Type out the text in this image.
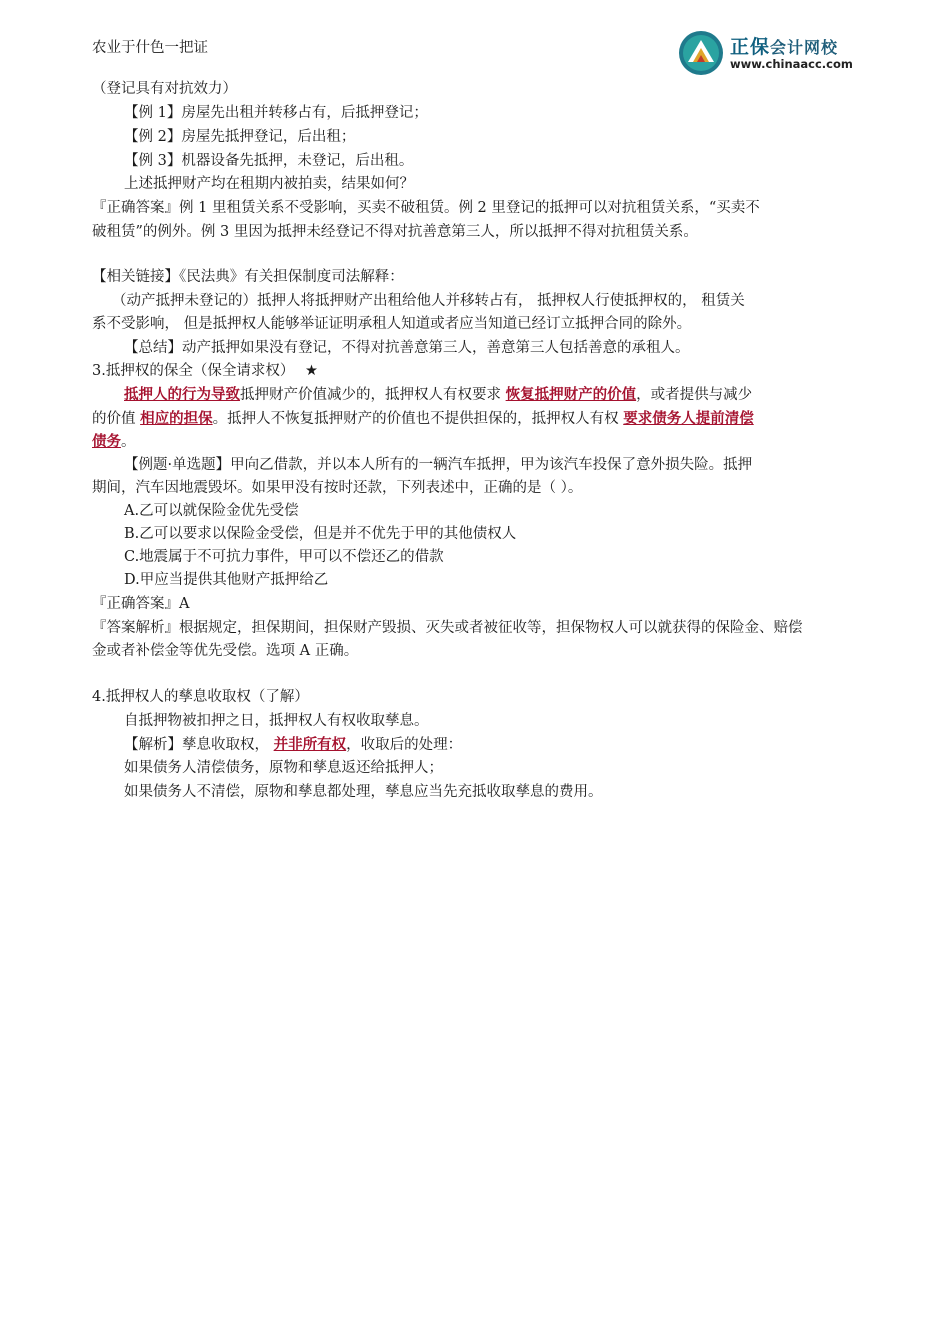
农业于什色一把证	正保会计网校
www.chinaacc.com
（登记具有对抗效力）
【例 1】房屋先出租并转移占有，后抵押登记；
【例 2】房屋先抵押登记，后出租；
【例 3】机器设备先抵押，未登记，后出租。
上述抵押财产均在租期内被拍卖，结果如何？
『正确答案』例 1 里租赁关系不受影响，买卖不破租赁。例 2 里登记的抵押可以对抗租赁关系，“买卖不
破租赁”的例外。例 3 里因为抵押未经登记不得对抗善意第三人，所以抵押不得对抗租赁关系。
【相关链接】《民法典》有关担保制度司法解释：
（动产抵押未登记的）抵押人将抵押财产出租给他人并移转占有， 抵押权人行使抵押权的， 租赁关
系不受影响， 但是抵押权人能够举证证明承租人知道或者应当知道已经订立抵押合同的除外。
【总结】动产抵押如果没有登记，不得对抗善意第三人，善意第三人包括善意的承租人。
3.抵押权的保全（保全请求权） ★
抵押人的行为导致抵押财产价值减少的，抵押权人有权要求 恢复抵押财产的价值，或者提供与减少
的价值 相应的担保。抵押人不恢复抵押财产的价值也不提供担保的，抵押权人有权 要求债务人提前清偿
债务。
【例题·单选题】甲向乙借款，并以本人所有的一辆汽车抵押，甲为该汽车投保了意外损失险。抵押
期间，汽车因地震毁坏。如果甲没有按时还款，下列表述中，正确的是（ ）。
A.乙可以就保险金优先受偿
B.乙可以要求以保险金受偿，但是并不优先于甲的其他债权人
C.地震属于不可抗力事件，甲可以不偿还乙的借款
D.甲应当提供其他财产抵押给乙
『正确答案』A
『答案解析』根据规定，担保期间，担保财产毁损、灭失或者被征收等，担保物权人可以就获得的保险金、赔偿
金或者补偿金等优先受偿。选项 A 正确。
4.抵押权人的孳息收取权（了解）
自抵押物被扣押之日，抵押权人有权收取孳息。
【解析】孳息收取权， 并非所有权，收取后的处理：
如果债务人清偿债务，原物和孳息返还给抵押人；
如果债务人不清偿，原物和孳息都处理，孳息应当先充抵收取孳息的费用。
